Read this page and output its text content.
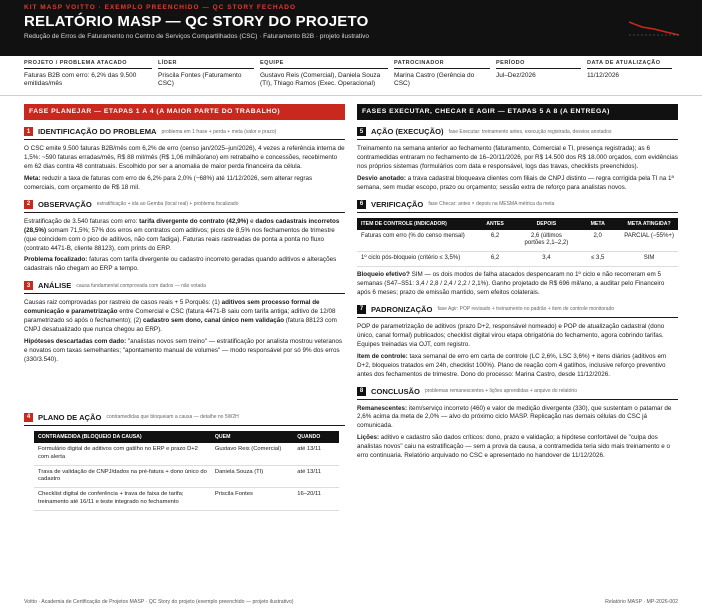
KIT MASP VOITTO · EXEMPLO PREENCHIDO — QC STORY FECHADO
RELATÓRIO MASP — QC STORY DO PROJETO
Redução de Erros de Faturamento no Centro de Serviços Compartilhados (CSC) · Faturamento B2B · projeto ilustrativo
PROJETO / PROBLEMA ATACADO
Faturas B2B com erro: 6,2% das 9.500 emitidas/mês
LÍDER
Priscila Fontes (Faturamento CSC)
EQUIPE
Gustavo Reis (Comercial), Daniela Souza (TI), Thiago Ramos (Exec. Operacional)
PATROCINADOR
Marina Castro (Gerência do CSC)
PERÍODO
Jul–Dez/2026
DATA DE ATUALIZAÇÃO
11/12/2026
FASE PLANEJAR — ETAPAS 1 A 4 (A MAIOR PARTE DO TRABALHO)
1	IDENTIFICAÇÃO DO PROBLEMA problema em 1 frase + perda + meta (valor e prazo)

O CSC emite 9.500 faturas B2B/mês com 6,2% de erro (censo jan/2025–jun/2026), 4 vezes a referência interna de 1,5%: ~590 faturas erradas/mês, R$ 88 mil/mês (R$ 1,06 milhão/ano) em retrabalho e concessões, recebimento em 62 dias contra 48 contratuais. Escolhido por ser a anomalia de maior perda financeira da célula.

Meta: reduzir a taxa de faturas com erro de 6,2% para 2,0% (−68%) até 11/12/2026, sem alterar regras comerciais, com orçamento de R$ 18 mil.

2	OBSERVAÇÃO estratificação + ida ao Gemba (local real) + problema focalizado

Estratificação de 3.540 faturas com erro: tarifa divergente do contrato (42,9%) e dados cadastrais incorretos (28,5%) somam 71,5%; 57% dos erros em contratos com aditivos; picos de 8,5% nos fechamentos de trimestre (que coincidem com o pico de aditivos, não com fadiga). Faturas reais rastreadas de ponta a ponta no fluxo (contrato 4471-B, cliente 88123), com prints do ERP.

Problema focalizado: faturas com tarifa divergente ou cadastro incorreto geradas quando aditivos e alterações cadastrais não chegam ao ERP a tempo.

3	ANÁLISE causa fundamental comprovada com dados — não votada

Causas raiz comprovadas por rastreio de casos reais + 5 Porquês: (1) aditivos sem processo formal de comunicação e parametrização entre Comercial e CSC (fatura 4471-B saiu com tarifa antiga; aditivo de 12/08 parametrizado só após o fechamento); (2) cadastro sem dono, canal único nem validação (fatura 88123 com CNPJ desatualizado que nunca chegou ao ERP).

Hipóteses descartadas com dado: "analistas novos sem treino" — estratificação por analista mostrou veteranos e novatos com taxas semelhantes; "apontamento manual de volumes" — modo responsável por só 9% dos erros (330/3.540).

4	PLANO DE AÇÃO contramedidas que bloqueiam a causa — detalhe no 5W2H
CONTRAMEDIDA (BLOQUEIO DA CAUSA)	QUEM	QUANDO
Formulário digital de aditivos com gatilho no ERP e prazo D+2 com alerta	Gustavo Reis (Comercial)	até 13/11
Trava de validação de CNPJ/dados na pré-fatura + dono único do cadastro	Daniela Souza (TI)	até 13/11
Checklist digital de conferência + trava de faixa de tarifa; treinamento até 16/11 e teste integrado no fechamento	Priscila Fontes	16–20/11
FASES EXECUTAR, CHECAR E AGIR — ETAPAS 5 A 8 (A ENTREGA)
5	AÇÃO (EXECUÇÃO) fase Executar: treinamento antes, execução registrada, desvios anotados

Treinamento na semana anterior ao fechamento (faturamento, Comercial e TI, presença registrada); as 6 contramedidas entraram no fechamento de 16–20/11/2026, por R$ 14.500 dos R$ 18.000 orçados, com evidências nos próprios sistemas (formulários com data e responsável, logs das travas, checklists preenchidos).

Desvio anotado: a trava cadastral bloqueava clientes com filiais de CNPJ distinto — regra corrigida pela TI na 1ª semana, sem mudar escopo, prazo ou orçamento; sessão extra de reforço para analistas novos.

6	VERIFICAÇÃO fase Checar: antes × depois na MESMA métrica da meta
ITEM DE CONTROLE (INDICADOR)	ANTES	DEPOIS	META	META ATINGIDA?
Faturas com erro (% do censo mensal)	6,2	2,6 (últimos portões 2,1–2,2)	2,0	PARCIAL (−55%+)
1º ciclo pós-bloqueio (critério ≤ 3,5%)	6,2	3,4	≤ 3,5	SIM

Bloqueio efetivo? SIM — os dois modos de falha atacados despencaram no 1º ciclo e não recorreram em 5 semanas (S47–S51: 3,4 / 2,8 / 2,4 / 2,2 / 2,1%). Ganho projetado de R$ 696 mil/ano, a auditar pelo Financeiro após 6 meses; prazo de emissão mantido, sem efeitos colaterais.

7	PADRONIZAÇÃO fase Agir: POP revisado + treinamento no padrão + item de controle monitorado

POP de parametrização de aditivos (prazo D+2, responsável nomeado) e POP de atualização cadastral (dono único, canal formal) publicados; checklist digital virou etapa obrigatória do fechamento, agora cobrindo tarifas. Equipes treinadas via OJT, com registro.

Item de controle: taxa semanal de erro em carta de controle (LC 2,6%, LSC 3,6%) + itens diários (aditivos em D+2, bloqueios tratados em 24h, checklist 100%). Plano de reação com 4 gatilhos, inclusive reforço preventivo antes dos fechamentos de trimestre. Dono do processo: Marina Castro, desde 11/12/2026.

8	CONCLUSÃO problemas remanescentes + lições aprendidas + arquivo do relatório

Remanescentes: item/serviço incorreto (460) e valor de medição divergente (330), que sustentam o patamar de 2,6% acima da meta de 2,0% — alvo do próximo ciclo MASP. Replicação nas demais células do CSC já comunicada.

Lições: aditivo e cadastro são dados críticos: dono, prazo e validação; a hipótese confortável de "culpa dos analistas novos" caiu na estratificação — sem a prova da causa, a contramedida teria sido mais treinamento e o erro continuaria. Relatório arquivado no CSC e apresentado no handover de 11/12/2026.

Voitto · Academia de Certificação de Projetos MASP · QC Story do projeto (exemplo preenchido — projeto ilustrativo)	Relatório MASP · MP-2026-002
